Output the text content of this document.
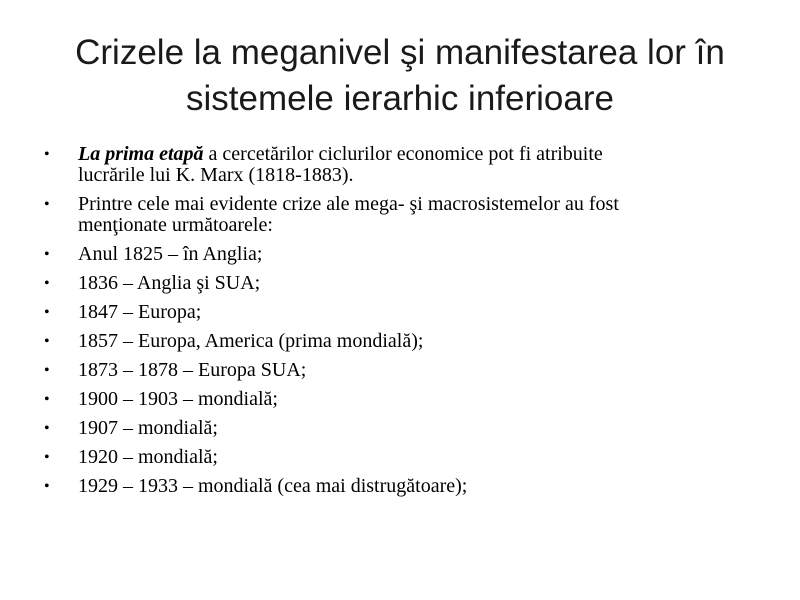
Crizele la meganivel şi manifestarea lor în
sistemele ierarhic inferioare
• La prima etapă a cercetărilor ciclurilor economice pot fi atribuite
lucrările lui K. Marx (1818-1883).
• Printre cele mai evidente crize ale mega- şi macrosistemelor au fost
menţionate următoarele:
• Anul 1825 – în Anglia;
• 1836 – Anglia şi SUA;
• 1847 – Europa;
• 1857 – Europa, America (prima mondială);
• 1873 – 1878 – Europa SUA;
• 1900 – 1903 – mondială;
• 1907 – mondială;
• 1920 – mondială;
• 1929 – 1933 – mondială (cea mai distrugătoare);
